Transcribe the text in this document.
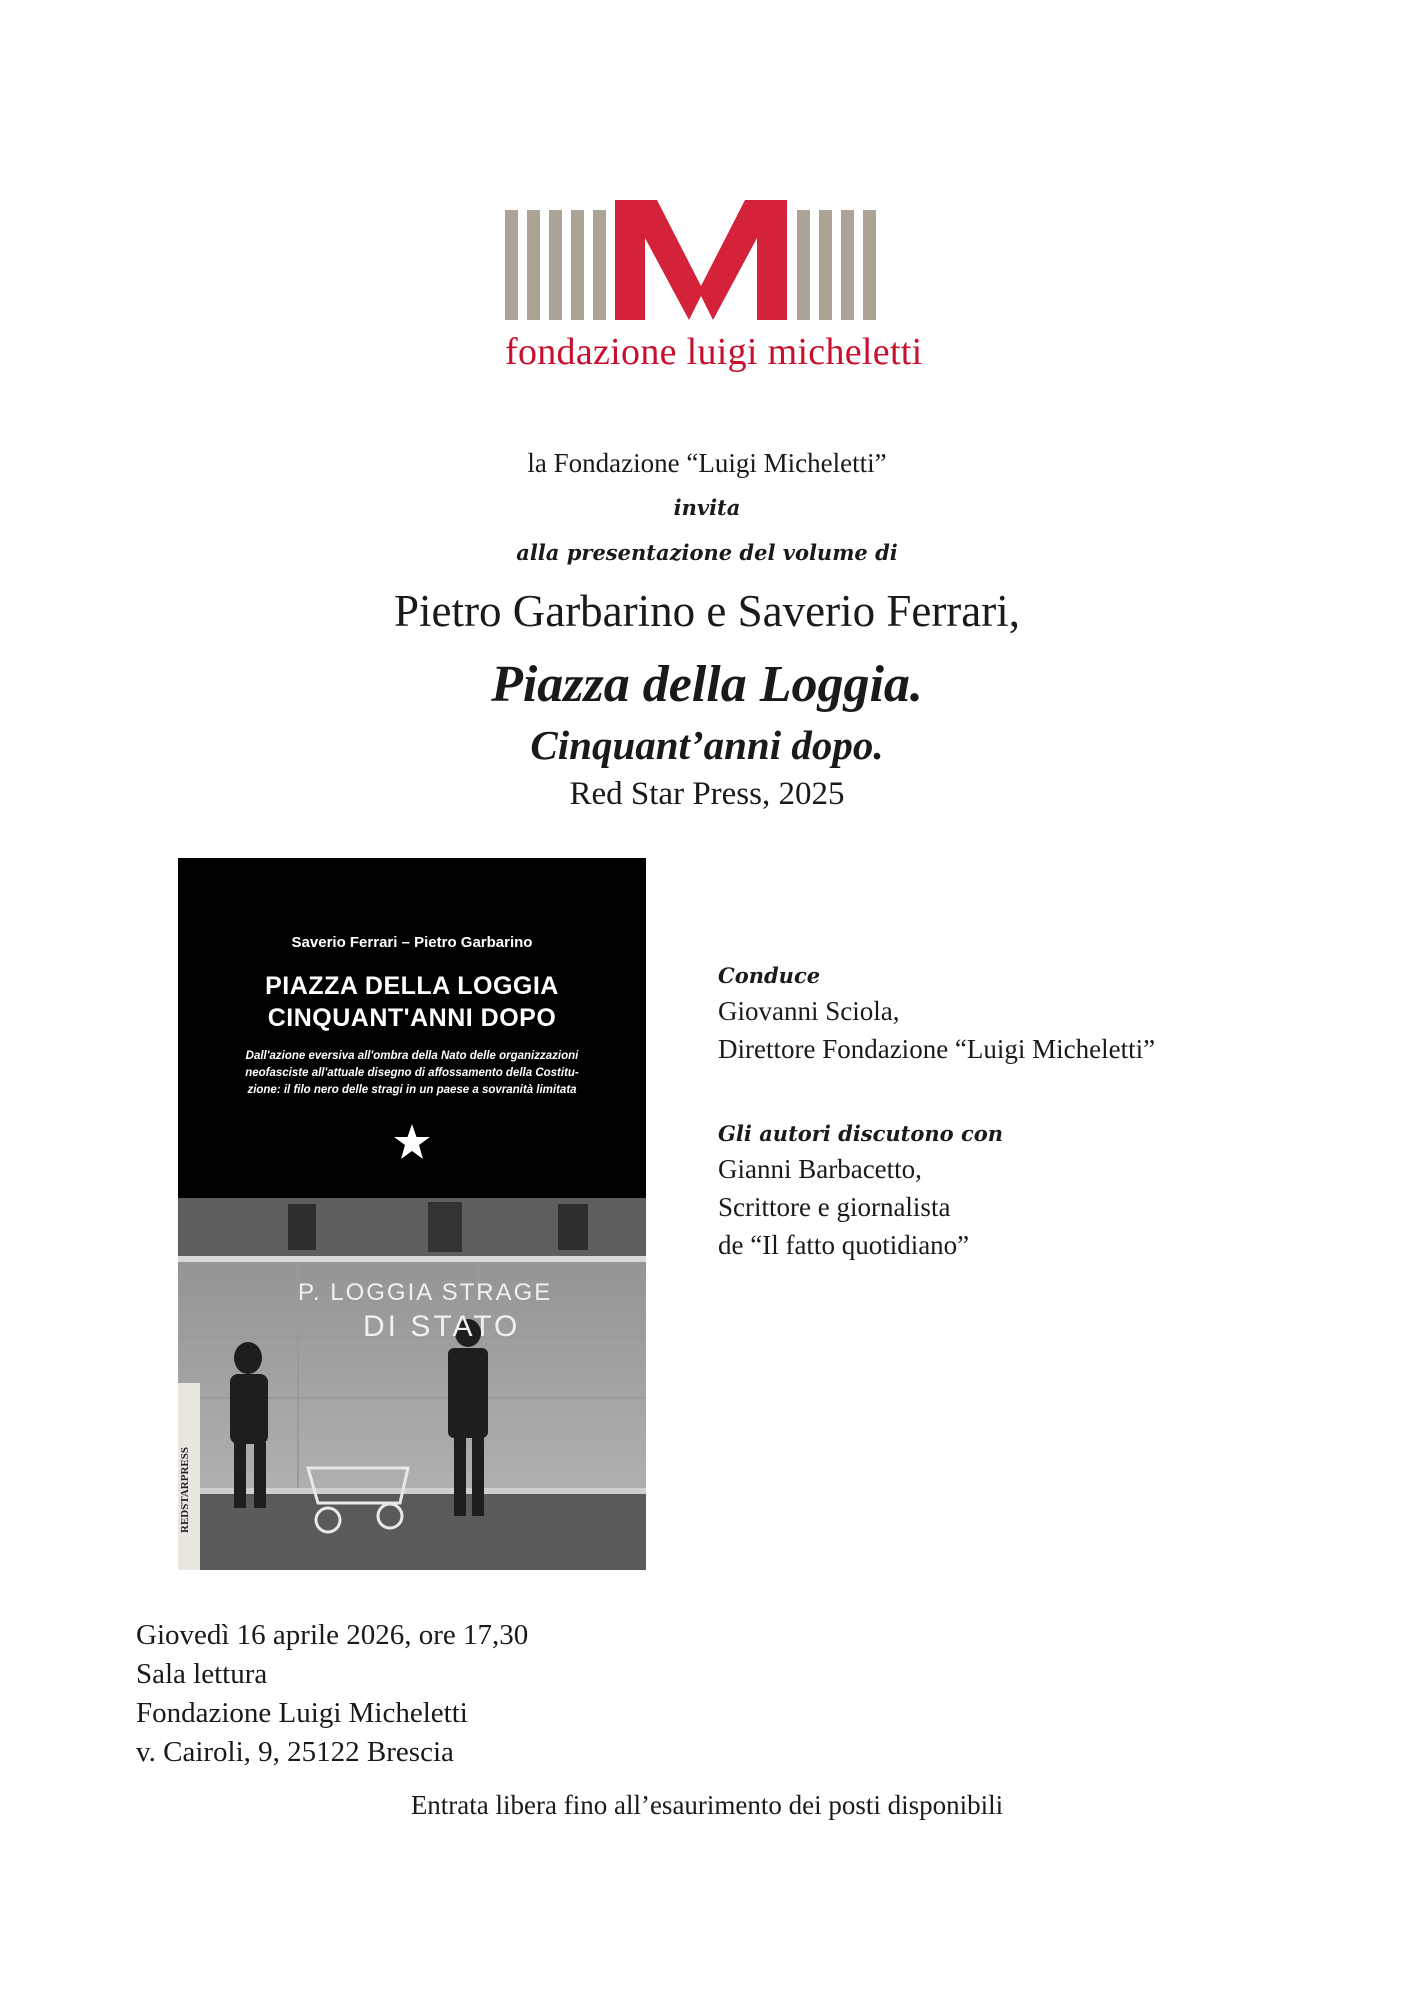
fondazione luigi micheletti
la Fondazione “Luigi Micheletti”
invita
alla presentazione del volume di
Pietro Garbarino e Saverio Ferrari,
Piazza della Loggia.
Cinquant’anni dopo.
Red Star Press, 2025
Saverio Ferrari – Pietro Garbarino
PIAZZA DELLA LOGGIA
CINQUANT'ANNI DOPO
Dall'azione eversiva all'ombra della Nato delle organizzazioni
neofasciste all'attuale disegno di affossamento della Costitu-
zione: il filo nero delle stragi in un paese a sovranità limitata
P. LOGGIA STRAGE
DI STATO
REDSTARPRESS
Conduce
Giovanni Sciola,
Direttore Fondazione “Luigi Micheletti”
Gli autori discutono con
Gianni Barbacetto,
Scrittore e giornalista
de “Il fatto quotidiano”
Giovedì 16 aprile 2026, ore 17,30
Sala lettura
Fondazione Luigi Micheletti
v. Cairoli, 9, 25122 Brescia
Entrata libera fino all’esaurimento dei posti disponibili
